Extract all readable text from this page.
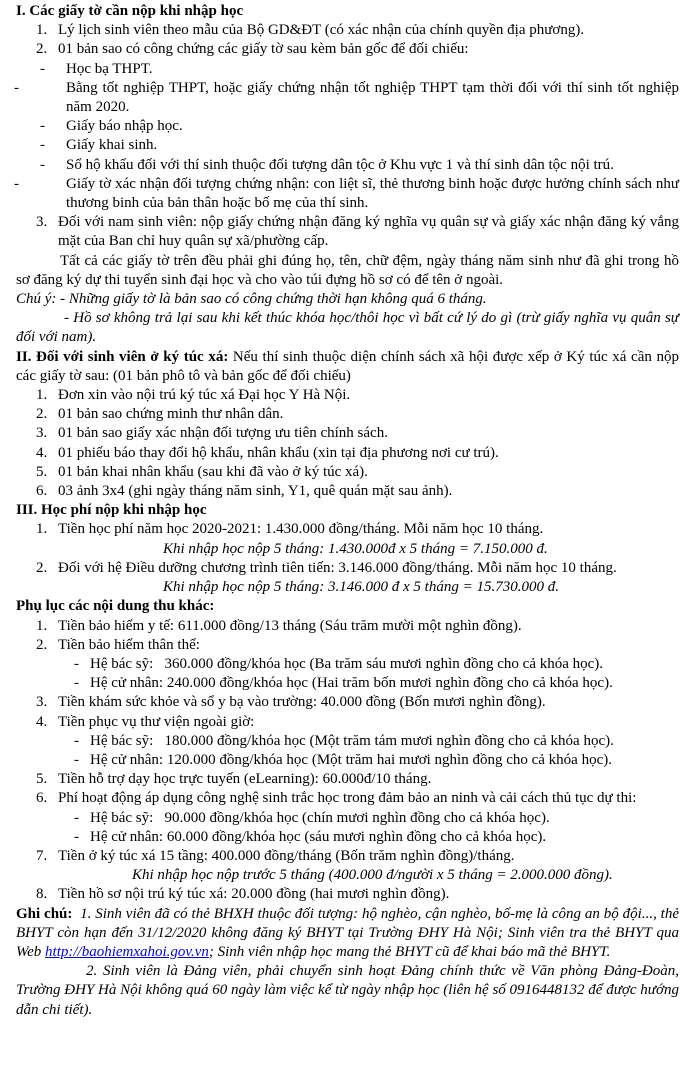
I. Các giấy tờ cần nộp khi nhập học
1. Lý lịch sinh viên theo mẫu của Bộ GD&ĐT (có xác nhận của chính quyền địa phương).
2. 01 bản sao có công chứng các giấy tờ sau kèm bản gốc để đối chiếu:
- Học bạ THPT.
-	Bằng tốt nghiệp THPT, hoặc giấy chứng nhận tốt nghiệp THPT tạm thời đối với thí sinh tốt nghiệp năm 2020.
- Giấy báo nhập học.
- Giấy khai sinh.
- Sổ hộ khẩu đối với thí sinh thuộc đối tượng dân tộc ở Khu vực 1 và thí sinh dân tộc nội trú.
-	Giấy tờ xác nhận đối tượng chứng nhận: con liệt sĩ, thẻ thương binh hoặc được hưởng chính sách như thương binh của bản thân hoặc bố mẹ của thí sinh.
3. Đối với nam sinh viên: nộp giấy chứng nhận đăng ký nghĩa vụ quân sự và giấy xác nhận đăng ký vắng mặt của Ban chỉ huy quân sự xã/phường cấp.
Tất cả các giấy tờ trên đều phải ghi đúng họ, tên, chữ đệm, ngày tháng năm sinh như đã ghi trong hồ sơ đăng ký dự thi tuyển sinh đại học và cho vào túi đựng hồ sơ có để tên ở ngoài.
Chú ý: - Những giấy tờ là bản sao có công chứng thời hạn không quá 6 tháng.
- Hồ sơ không trả lại sau khi kết thúc khóa học/thôi học vì bất cứ lý do gì (trừ giấy nghĩa vụ quân sự đối với nam).
II. Đối với sinh viên ở ký túc xá: Nếu thí sinh thuộc diện chính sách xã hội được xếp ở Ký túc xá cần nộp các giấy tờ sau: (01 bản phô tô và bản gốc để đối chiếu)
1. Đơn xin vào nội trú ký túc xá Đại học Y Hà Nội.
2. 01 bản sao chứng minh thư nhân dân.
3. 01 bản sao giấy xác nhận đối tượng ưu tiên chính sách.
4. 01 phiếu báo thay đổi hộ khẩu, nhân khẩu (xin tại địa phương nơi cư trú).
5. 01 bản khai nhân khẩu (sau khi đã vào ở ký túc xá).
6. 03 ảnh 3x4 (ghi ngày tháng năm sinh, Y1, quê quán mặt sau ảnh).
III. Học phí nộp khi nhập học
1. Tiền học phí năm học 2020-2021: 1.430.000 đồng/tháng. Mỗi năm học 10 tháng.
Khi nhập học nộp 5 tháng: 1.430.000đ x 5 tháng = 7.150.000 đ.
2. Đối với hệ Điều dưỡng chương trình tiên tiến: 3.146.000 đồng/tháng. Mỗi năm học 10 tháng.
Khi nhập học nộp 5 tháng: 3.146.000 đ x 5 tháng = 15.730.000 đ.
Phụ lục các nội dung thu khác:
1. Tiền bảo hiểm y tế: 611.000 đồng/13 tháng (Sáu trăm mười một nghìn đồng).
2. Tiền bảo hiểm thân thể:
- Hệ bác sỹ:   360.000 đồng/khóa học (Ba trăm sáu mươi nghìn đồng cho cả khóa học).
- Hệ cử nhân: 240.000 đồng/khóa học (Hai trăm bốn mươi nghìn đồng cho cả khóa học).
3. Tiền khám sức khỏe và sổ y bạ vào trường: 40.000 đồng (Bốn mươi nghìn đồng).
4. Tiền phục vụ thư viện ngoài giờ:
- Hệ bác sỹ:   180.000 đồng/khóa học (Một trăm tám mươi nghìn đồng cho cả khóa học).
- Hệ cử nhân: 120.000 đồng/khóa học (Một trăm hai mươi nghìn đồng cho cả khóa học).
5. Tiền hỗ trợ dạy học trực tuyến (eLearning): 60.000đ/10 tháng.
6. Phí hoạt động áp dụng công nghệ sinh trắc học trong đảm bảo an ninh và cải cách thủ tục dự thi:
- Hệ bác sỹ:   90.000 đồng/khóa học (chín mươi nghìn đồng cho cả khóa học).
- Hệ cử nhân: 60.000 đồng/khóa học (sáu mươi nghìn đồng cho cả khóa học).
7. Tiền ở ký túc xá 15 tầng: 400.000 đồng/tháng (Bốn trăm nghìn đồng)/tháng.
Khi nhập học nộp trước 5 tháng (400.000 đ/người x 5 tháng = 2.000.000 đồng).
8. Tiền hồ sơ nội trú ký túc xá: 20.000 đồng (hai mươi nghìn đồng).
Ghi chú: 1. Sinh viên đã có thẻ BHXH thuộc đối tượng: hộ nghèo, cận nghèo, bố-mẹ là công an bộ đội..., thẻ BHYT còn hạn đến 31/12/2020 không đăng ký BHYT tại Trường ĐHY Hà Nội; Sinh viên tra thẻ BHYT qua Web http://baohiemxahoi.gov.vn; Sinh viên nhập học mang thẻ BHYT cũ để khai báo mã thẻ BHYT.
2. Sinh viên là Đảng viên, phải chuyển sinh hoạt Đảng chính thức về Văn phòng Đảng-Đoàn, Trường ĐHY Hà Nội không quá 60 ngày làm việc kể từ ngày nhập học (liên hệ số 0916448132 để được hướng dẫn chi tiết).
